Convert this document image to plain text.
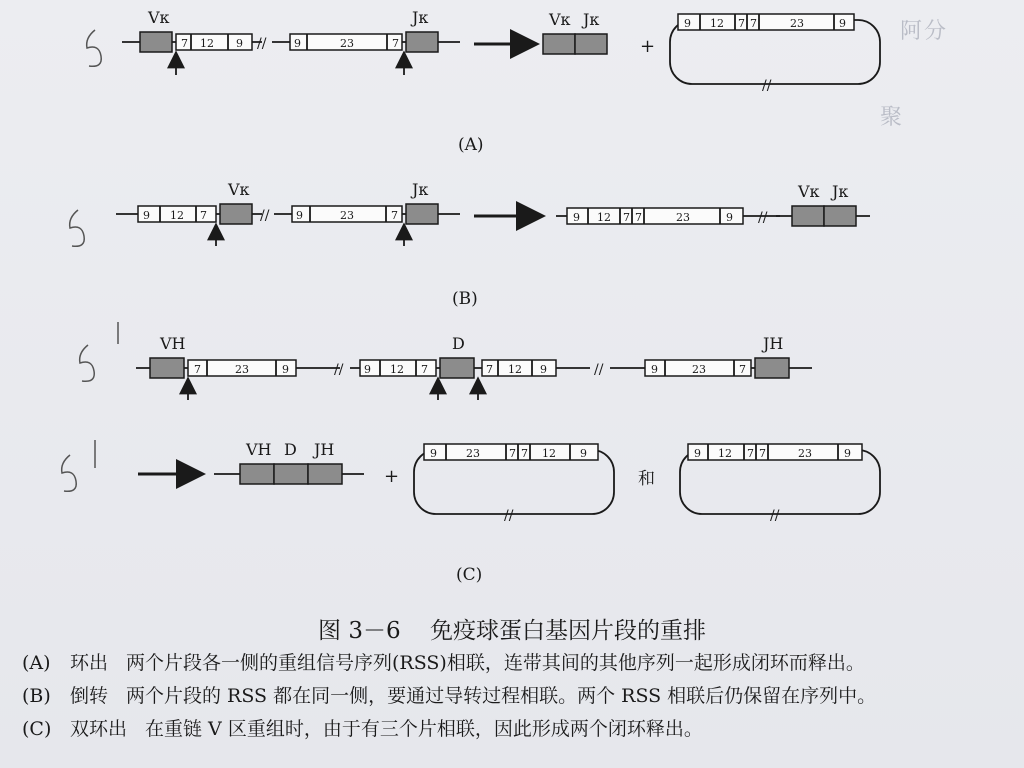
阿分
聚
Vκ
7 12 9 //	9	23	7
Jκ	Vκ Jκ
+
9 12 7 7	23	9
//
(A)
9 12 7
Vκ
// 9	23	7
Jκ
9 12 7 7	23	9 //
Vκ Jκ
(B)
VH
7	23	9	// 9 12 7
D
7 12 9	//	9	23	7
JH
VH D JH
+
9	23	7 7 12 9
//
和
9 12 7 7	23	9
//
(C)
图 3－6 免疫球蛋白基因片段的重排
(A) 环出 两个片段各一侧的重组信号序列(RSS)相联，连带其间的其他序列一起形成闭环而释出。
(B) 倒转 两个片段的 RSS 都在同一侧，要通过导转过程相联。两个 RSS 相联后仍保留在序列中。
(C) 双环出 在重链 V 区重组时，由于有三个片相联，因此形成两个闭环释出。
